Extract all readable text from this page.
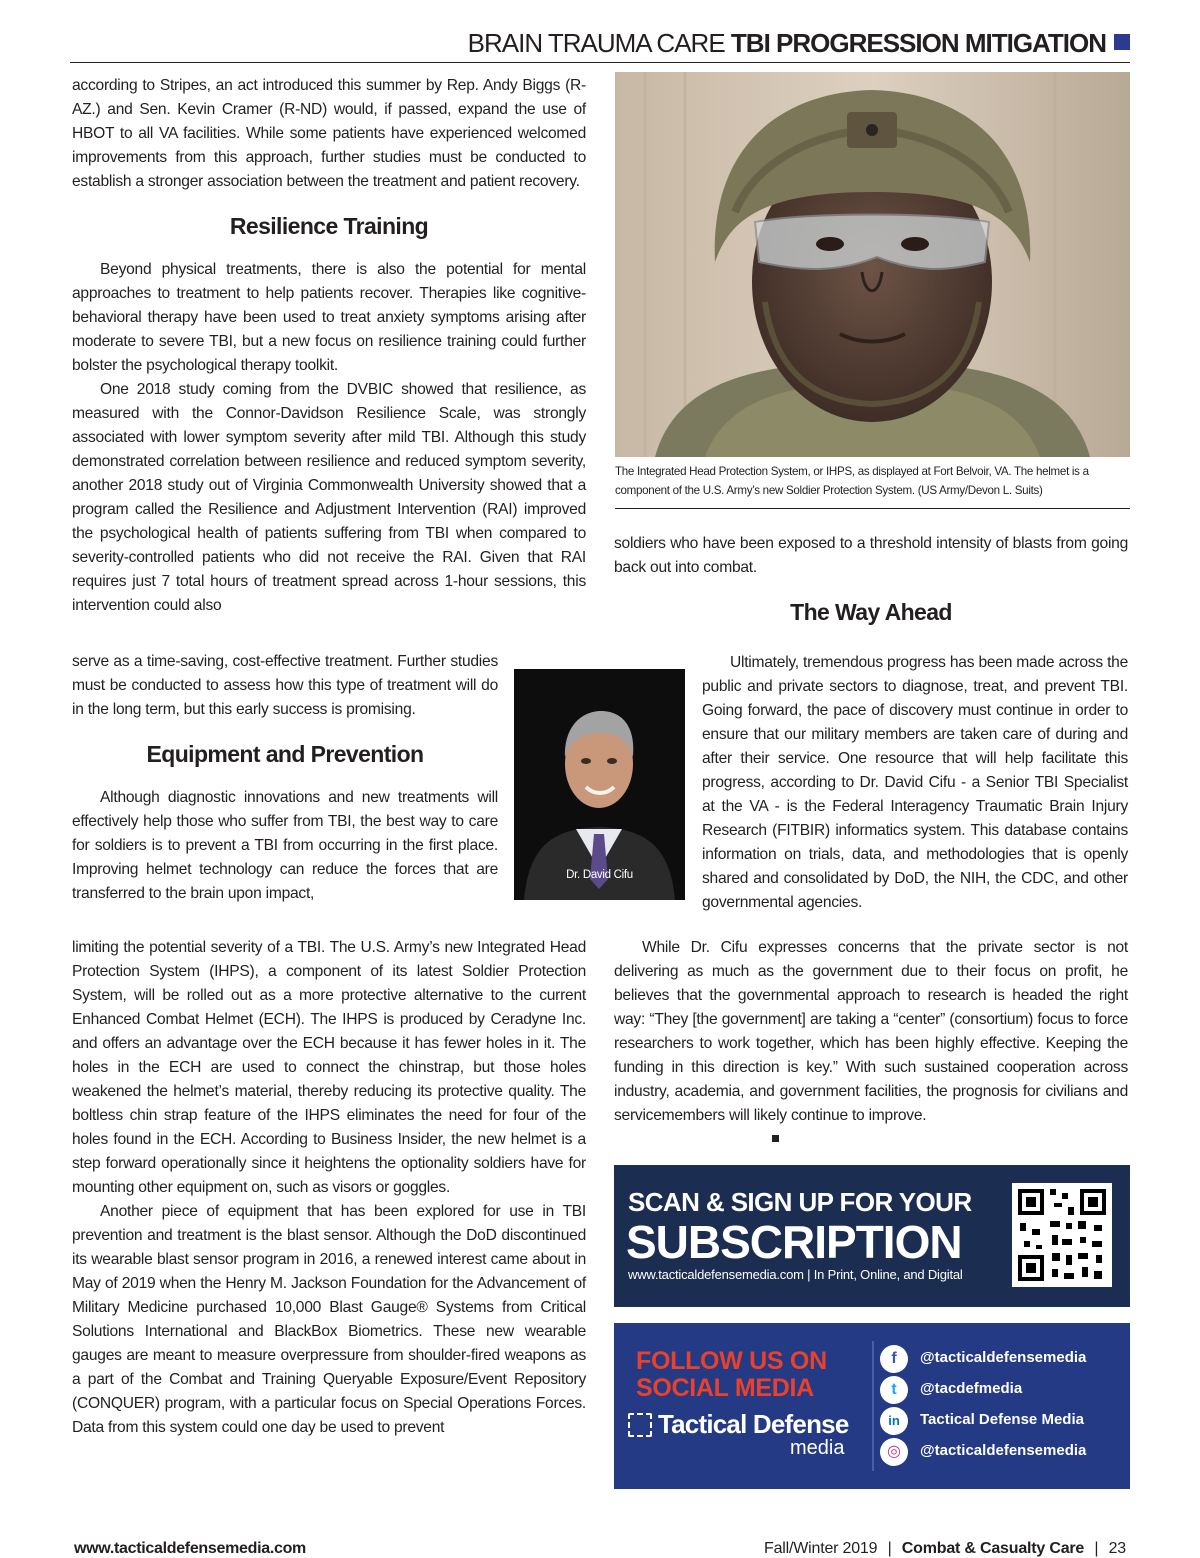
BRAIN TRAUMA CARE TBI PROGRESSION MITIGATION

according to Stripes, an act introduced this summer by Rep. Andy Biggs (R-AZ.) and Sen. Kevin Cramer (R-ND) would, if passed, expand the use of HBOT to all VA facilities. While some patients have experienced welcomed improvements from this approach, further studies must be conducted to establish a stronger association between the treatment and patient recovery.

Resilience Training

Beyond physical treatments, there is also the potential for mental approaches to treatment to help patients recover. Therapies like cognitive-behavioral therapy have been used to treat anxiety symptoms arising after moderate to severe TBI, but a new focus on resilience training could further bolster the psychological therapy toolkit.

One 2018 study coming from the DVBIC showed that resilience, as measured with the Connor-Davidson Resilience Scale, was strongly associated with lower symptom severity after mild TBI. Although this study demonstrated correlation between resilience and reduced symptom severity, another 2018 study out of Virginia Commonwealth University showed that a program called the Resilience and Adjustment Intervention (RAI) improved the psychological health of patients suffering from TBI when compared to severity-controlled patients who did not receive the RAI. Given that RAI requires just 7 total hours of treatment spread across 1-hour sessions, this intervention could also

serve as a time-saving, cost-effective treatment. Further studies must be conducted to assess how this type of treatment will do in the long term, but this early success is promising.

Equipment and Prevention

Although diagnostic innovations and new treatments will effectively help those who suffer from TBI, the best way to care for soldiers is to prevent a TBI from occurring in the first place. Improving helmet technology can reduce the forces that are transferred to the brain upon impact,

limiting the potential severity of a TBI. The U.S. Army’s new Integrated Head Protection System (IHPS), a component of its latest Soldier Protection System, will be rolled out as a more protective alternative to the current Enhanced Combat Helmet (ECH). The IHPS is produced by Ceradyne Inc. and offers an advantage over the ECH because it has fewer holes in it. The holes in the ECH are used to connect the chinstrap, but those holes weakened the helmet’s material, thereby reducing its protective quality. The boltless chin strap feature of the IHPS eliminates the need for four of the holes found in the ECH. According to Business Insider, the new helmet is a step forward operationally since it heightens the optionality soldiers have for mounting other equipment on, such as visors or goggles.

Another piece of equipment that has been explored for use in TBI prevention and treatment is the blast sensor. Although the DoD discontinued its wearable blast sensor program in 2016, a renewed interest came about in May of 2019 when the Henry M. Jackson Foundation for the Advancement of Military Medicine purchased 10,000 Blast Gauge® Systems from Critical Solutions International and BlackBox Biometrics. These new wearable gauges are meant to measure overpressure from shoulder-fired weapons as a part of the Combat and Training Queryable Exposure/Event Repository (CONQUER) program, with a particular focus on Special Operations Forces. Data from this system could one day be used to prevent

The Integrated Head Protection System, or IHPS, as displayed at Fort Belvoir, VA. The helmet is a component of the U.S. Army’s new Soldier Protection System. (US Army/Devon L. Suits)
Dr. David Cifu

soldiers who have been exposed to a threshold intensity of blasts from going back out into combat.

The Way Ahead

Ultimately, tremendous progress has been made across the public and private sectors to diagnose, treat, and prevent TBI. Going forward, the pace of discovery must continue in order to ensure that our military members are taken care of during and after their service. One resource that will help facilitate this progress, according to Dr. David Cifu - a Senior TBI Specialist at the VA - is the Federal Interagency Traumatic Brain Injury Research (FITBIR) informatics system. This database contains information on trials, data, and methodologies that is openly shared and consolidated by DoD, the NIH, the CDC, and other governmental agencies.

While Dr. Cifu expresses concerns that the private sector is not delivering as much as the government due to their focus on profit, he believes that the governmental approach to research is headed the right way: “They [the government] are taking a “center” (consortium) focus to force researchers to work together, which has been highly effective. Keeping the funding in this direction is key.” With such sustained cooperation across industry, academia, and government facilities, the prognosis for civilians and servicemembers will likely continue to improve.

SCAN & SIGN UP FOR YOUR
SUBSCRIPTION
www.tacticaldefensemedia.com | In Print, Online, and Digital
FOLLOW US ON
SOCIAL MEDIA
Tactical Defense
media
f	@tacticaldefensemedia
t	@tacdefmedia
in	Tactical Defense Media
◎	@tacticaldefensemedia
www.tacticaldefensemedia.com	Fall/Winter 2019 | Combat & Casualty Care | 23
